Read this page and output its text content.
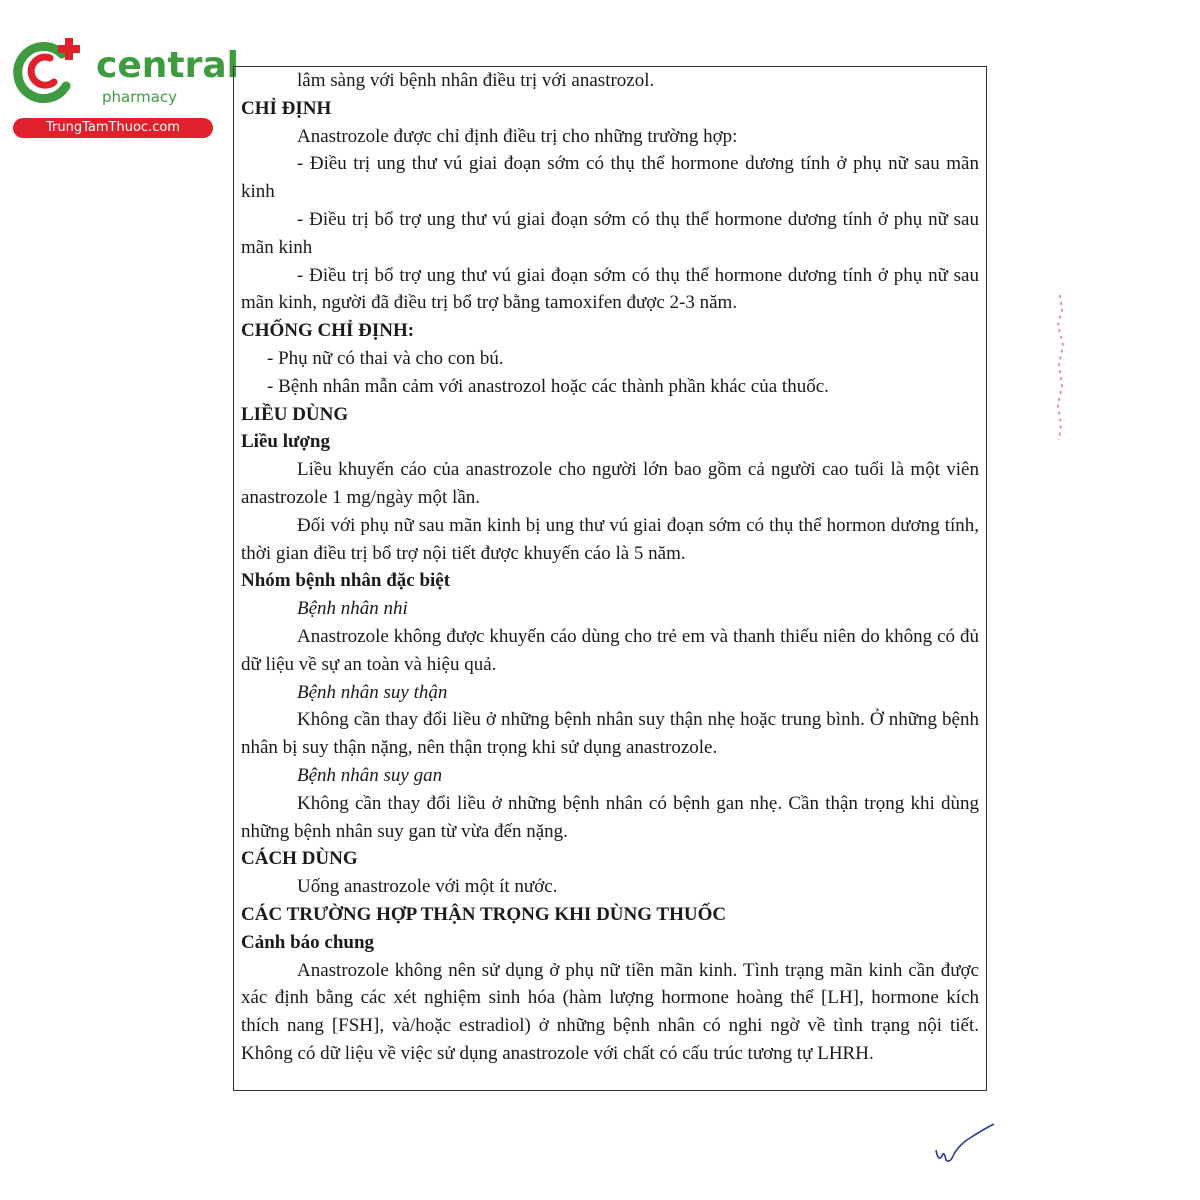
central
pharmacy
TrungTamThuoc.com

lâm sàng với bệnh nhân điều trị với anastrozol.

CHỈ ĐỊNH

Anastrozole được chỉ định điều trị cho những trường hợp:

- Điều trị ung thư vú giai đoạn sớm có thụ thể hormone dương tính ở phụ nữ sau mãn kinh

- Điều trị bổ trợ ung thư vú giai đoạn sớm có thụ thể hormone dương tính ở phụ nữ sau mãn kinh

- Điều trị bổ trợ ung thư vú giai đoạn sớm có thụ thể hormone dương tính ở phụ nữ sau mãn kinh, người đã điều trị bổ trợ bằng tamoxifen được 2-3 năm.

CHỐNG CHỈ ĐỊNH:

- Phụ nữ có thai và cho con bú.

- Bệnh nhân mẫn cảm với anastrozol hoặc các thành phần khác của thuốc.

LIỀU DÙNG

Liều lượng

Liều khuyến cáo của anastrozole cho người lớn bao gồm cả người cao tuổi là một viên anastrozole 1 mg/ngày một lần.

Đối với phụ nữ sau mãn kinh bị ung thư vú giai đoạn sớm có thụ thể hormon dương tính, thời gian điều trị bổ trợ nội tiết được khuyến cáo là 5 năm.

Nhóm bệnh nhân đặc biệt

Bệnh nhân nhi

Anastrozole không được khuyến cáo dùng cho trẻ em và thanh thiếu niên do không có đủ dữ liệu về sự an toàn và hiệu quả.

Bệnh nhân suy thận

Không cần thay đổi liều ở những bệnh nhân suy thận nhẹ hoặc trung bình. Ở những bệnh nhân bị suy thận nặng, nên thận trọng khi sử dụng anastrozole.

Bệnh nhân suy gan

Không cần thay đổi liều ở những bệnh nhân có bệnh gan nhẹ. Cần thận trọng khi dùng những bệnh nhân suy gan từ vừa đến nặng.

CÁCH DÙNG

Uống anastrozole với một ít nước.

CÁC TRƯỜNG HỢP THẬN TRỌNG KHI DÙNG THUỐC

Cảnh báo chung

Anastrozole không nên sử dụng ở phụ nữ tiền mãn kinh. Tình trạng mãn kinh cần được xác định bằng các xét nghiệm sinh hóa (hàm lượng hormone hoàng thể [LH], hormone kích thích nang [FSH], và/hoặc estradiol) ở những bệnh nhân có nghi ngờ về tình trạng nội tiết. Không có dữ liệu về việc sử dụng anastrozole với chất có cấu trúc tương tự LHRH.
